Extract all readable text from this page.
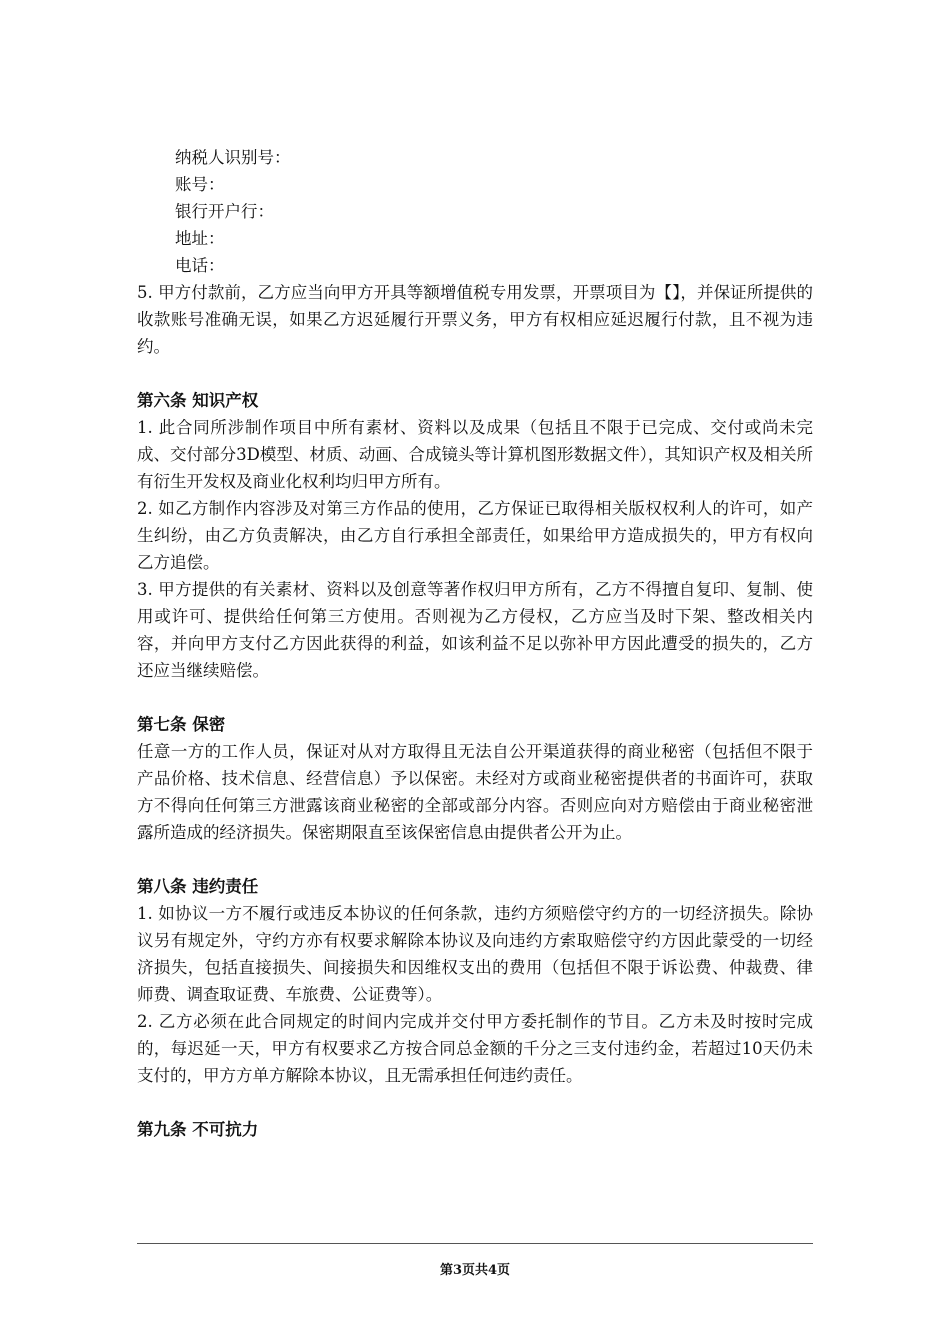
纳税人识别号：
账号：
银行开户行：
地址：
电话：

5. 甲方付款前，乙方应当向甲方开具等额增值税专用发票，开票项目为【】，并保证所提供的收款账号准确无误，如果乙方迟延履行开票义务，甲方有权相应延迟履行付款，且不视为违约。

第六条 知识产权

1. 此合同所涉制作项目中所有素材、资料以及成果（包括且不限于已完成、交付或尚未完成、交付部分3D模型、材质、动画、合成镜头等计算机图形数据文件），其知识产权及相关所有衍生开发权及商业化权利均归甲方所有。

2. 如乙方制作内容涉及对第三方作品的使用，乙方保证已取得相关版权权利人的许可，如产生纠纷，由乙方负责解决，由乙方自行承担全部责任，如果给甲方造成损失的，甲方有权向乙方追偿。

3. 甲方提供的有关素材、资料以及创意等著作权归甲方所有，乙方不得擅自复印、复制、使用或许可、提供给任何第三方使用。否则视为乙方侵权，乙方应当及时下架、整改相关内容，并向甲方支付乙方因此获得的利益，如该利益不足以弥补甲方因此遭受的损失的，乙方还应当继续赔偿。

第七条 保密

任意一方的工作人员，保证对从对方取得且无法自公开渠道获得的商业秘密（包括但不限于产品价格、技术信息、经营信息）予以保密。未经对方或商业秘密提供者的书面许可，获取方不得向任何第三方泄露该商业秘密的全部或部分内容。否则应向对方赔偿由于商业秘密泄露所造成的经济损失。保密期限直至该保密信息由提供者公开为止。

第八条 违约责任

1. 如协议一方不履行或违反本协议的任何条款，违约方须赔偿守约方的一切经济损失。除协议另有规定外，守约方亦有权要求解除本协议及向违约方索取赔偿守约方因此蒙受的一切经济损失，包括直接损失、间接损失和因维权支出的费用（包括但不限于诉讼费、仲裁费、律师费、调查取证费、车旅费、公证费等）。

2. 乙方必须在此合同规定的时间内完成并交付甲方委托制作的节目。乙方未及时按时完成的，每迟延一天，甲方有权要求乙方按合同总金额的千分之三支付违约金，若超过10天仍未支付的，甲方方单方解除本协议，且无需承担任何违约责任。

第九条 不可抗力
第3页共4页
